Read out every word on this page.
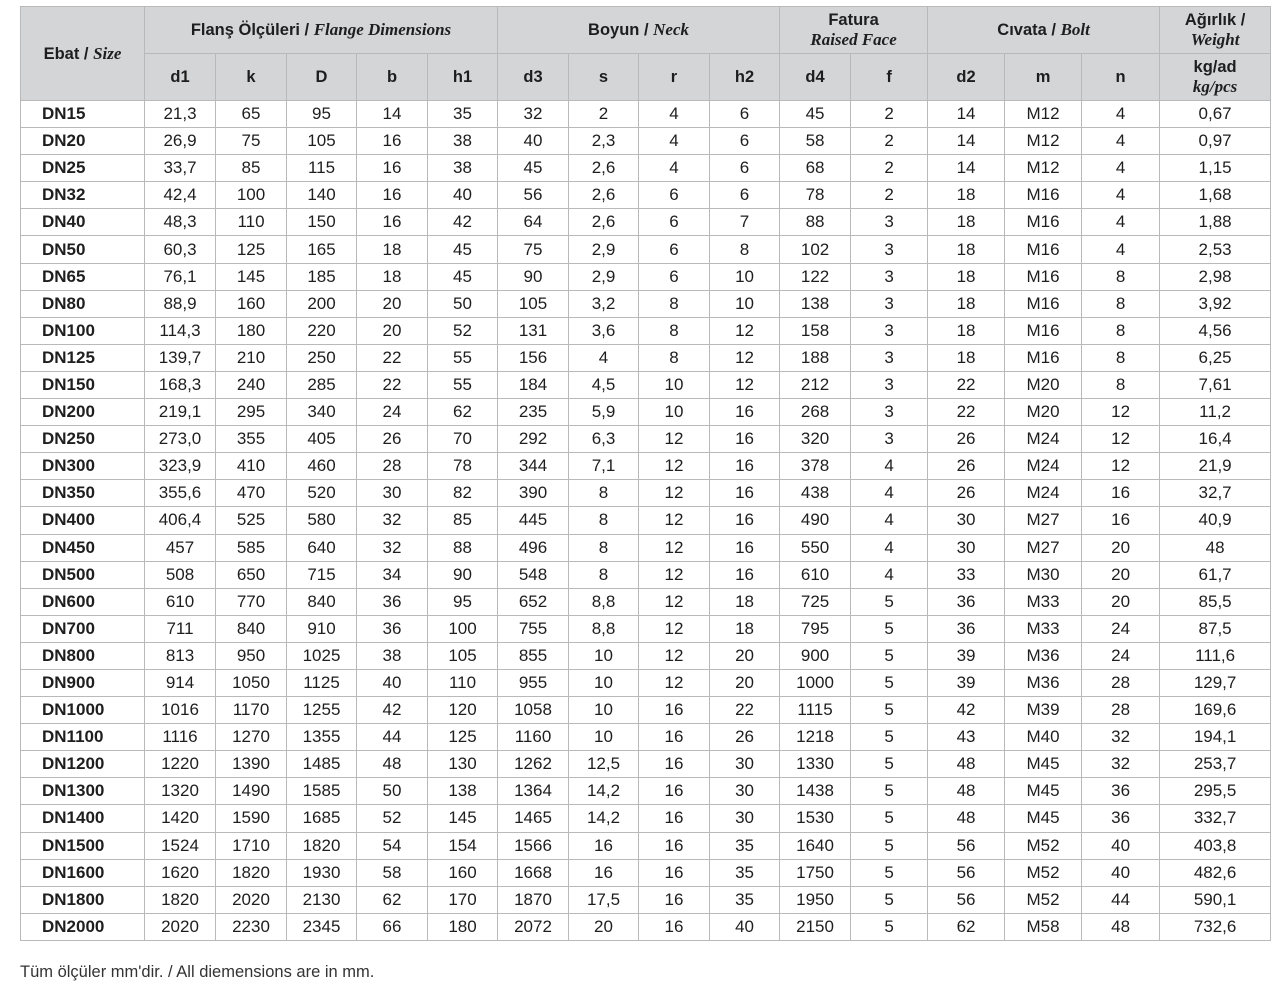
Ebat / Size	Flanş Ölçüleri / Flange Dimensions					Boyun / Neck				Fatura
Raised Face		Cıvata / Bolt			Ağırlık /
Weight
	d1	k	D	b	h1	d3	s	r	h2	d4	f	d2	m	n	kg/ad
kg/pcs
DN15	21,3	65	95	14	35	32	2	4	6	45	2	14	M12	4	0,67
DN20	26,9	75	105	16	38	40	2,3	4	6	58	2	14	M12	4	0,97
DN25	33,7	85	115	16	38	45	2,6	4	6	68	2	14	M12	4	1,15
DN32	42,4	100	140	16	40	56	2,6	6	6	78	2	18	M16	4	1,68
DN40	48,3	110	150	16	42	64	2,6	6	7	88	3	18	M16	4	1,88
DN50	60,3	125	165	18	45	75	2,9	6	8	102	3	18	M16	4	2,53
DN65	76,1	145	185	18	45	90	2,9	6	10	122	3	18	M16	8	2,98
DN80	88,9	160	200	20	50	105	3,2	8	10	138	3	18	M16	8	3,92
DN100	114,3	180	220	20	52	131	3,6	8	12	158	3	18	M16	8	4,56
DN125	139,7	210	250	22	55	156	4	8	12	188	3	18	M16	8	6,25
DN150	168,3	240	285	22	55	184	4,5	10	12	212	3	22	M20	8	7,61
DN200	219,1	295	340	24	62	235	5,9	10	16	268	3	22	M20	12	11,2
DN250	273,0	355	405	26	70	292	6,3	12	16	320	3	26	M24	12	16,4
DN300	323,9	410	460	28	78	344	7,1	12	16	378	4	26	M24	12	21,9
DN350	355,6	470	520	30	82	390	8	12	16	438	4	26	M24	16	32,7
DN400	406,4	525	580	32	85	445	8	12	16	490	4	30	M27	16	40,9
DN450	457	585	640	32	88	496	8	12	16	550	4	30	M27	20	48
DN500	508	650	715	34	90	548	8	12	16	610	4	33	M30	20	61,7
DN600	610	770	840	36	95	652	8,8	12	18	725	5	36	M33	20	85,5
DN700	711	840	910	36	100	755	8,8	12	18	795	5	36	M33	24	87,5
DN800	813	950	1025	38	105	855	10	12	20	900	5	39	M36	24	111,6
DN900	914	1050	1125	40	110	955	10	12	20	1000	5	39	M36	28	129,7
DN1000	1016	1170	1255	42	120	1058	10	16	22	1115	5	42	M39	28	169,6
DN1100	1116	1270	1355	44	125	1160	10	16	26	1218	5	43	M40	32	194,1
DN1200	1220	1390	1485	48	130	1262	12,5	16	30	1330	5	48	M45	32	253,7
DN1300	1320	1490	1585	50	138	1364	14,2	16	30	1438	5	48	M45	36	295,5
DN1400	1420	1590	1685	52	145	1465	14,2	16	30	1530	5	48	M45	36	332,7
DN1500	1524	1710	1820	54	154	1566	16	16	35	1640	5	56	M52	40	403,8
DN1600	1620	1820	1930	58	160	1668	16	16	35	1750	5	56	M52	40	482,6
DN1800	1820	2020	2130	62	170	1870	17,5	16	35	1950	5	56	M52	44	590,1
DN2000	2020	2230	2345	66	180	2072	20	16	40	2150	5	62	M58	48	732,6
Tüm ölçüler mm'dir. / All diemensions are in mm.
